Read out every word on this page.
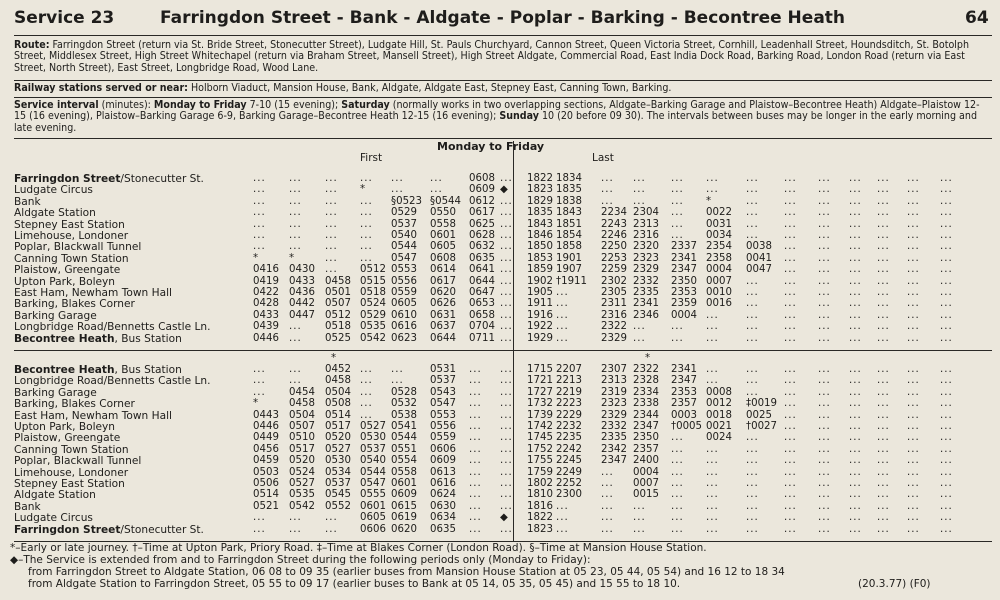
Service 23	Farringdon Street - Bank - Aldgate - Poplar - Barking - Becontree Heath	64
Route: Farringdon Street (return via St. Bride Street, Stonecutter Street), Ludgate Hill, St. Pauls Churchyard, Cannon Street, Queen Victoria Street, Cornhill, Leadenhall Street, Houndsditch, St. Botolph Street, Middlesex Street, High Street Whitechapel (return via Braham Street, Mansell Street), High Street Aldgate, Commercial Road, East India Dock Road, Barking Road, London Road (return via East Street, North Street), East Street, Longbridge Road, Wood Lane.
Railway stations served or near: Holborn Viaduct, Mansion House, Bank, Aldgate, Aldgate East, Stepney East, Canning Town, Barking.
Service interval (minutes): Monday to Friday 7-10 (15 evening); Saturday (normally works in two overlapping sections, Aldgate–Barking Garage and Plaistow–Becontree Heath) Aldgate–Plaistow 12-15 (16 evening), Plaistow–Barking Garage 6-9, Barking Garage–Becontree Heath 12-15 (16 evening); Sunday 10 (20 before 09 30). The intervals between buses may be longer in the early morning and late evening.
Monday to Friday
First	Last
Farringdon Street/Stonecutter St.	... ... ... ... ...	...	0608 ... 1822 1834 ... ... ... ...	... ... ... ... ... ... ...
Ludgate Circus	... ... ... *	...	...	0609 ◆ 1823 1835 ... ... ... ...	... ... ... ... ... ... ...
Bank	... ... ... ... §0523 §0544 0612 ... 1829 1838 ... ... ... *	... ... ... ... ... ... ...
Aldgate Station	... ... ... ... 0529 0550 0617 ... 1835 1843 2234 2304 ... 0022 ... ... ... ... ... ... ...
Stepney East Station	... ... ... ... 0537 0558 0625 ... 1843 1851 2243 2313 ... 0031 ... ... ... ... ... ... ...
Limehouse, Londoner	... ... ... ... 0540 0601 0628 ... 1846 1854 2246 2316 ... 0034 ... ... ... ... ... ... ...
Poplar, Blackwall Tunnel	... ... ... ... 0544 0605 0632 ... 1850 1858 2250 2320 2337 2354 0038 ... ... ... ... ... ...
Canning Town Station	*	*	... ... 0547 0608 0635 ... 1853 1901 2253 2323 2341 2358 0041 ... ... ... ... ... ...
Plaistow, Greengate	0416 0430 ... 0512 0553 0614 0641 ... 1859 1907 2259 2329 2347 0004 0047 ... ... ... ... ... ...
Upton Park, Boleyn	0419 0433 0458 0515 0556 0617 0644 ... 1902 †1911 2302 2332 2350 0007 ... ... ... ... ... ... ...
East Ham, Newham Town Hall	0422 0436 0501 0518 0559 0620 0647 ... 1905 ...	2305 2335 2353 0010 ... ... ... ... ... ... ...
Barking, Blakes Corner	0428 0442 0507 0524 0605 0626 0653 ... 1911 ...	2311 2341 2359 0016 ... ... ... ... ... ... ...
Barking Garage	0433 0447 0512 0529 0610 0631 0658 ... 1916 ...	2316 2346 0004 ...	... ... ... ... ... ... ...
Longbridge Road/Bennetts Castle Ln.	0439 ... 0518 0535 0616 0637 0704 ... 1922 ...	2322 ... ... ...	... ... ... ... ... ... ...
Becontree Heath, Bus Station	0446 ... 0525 0542 0623 0644 0711 ... 1929 ...	2329 ... ... ...	... ... ... ... ... ... ...
Becontree Heath, Bus Station	... ... 0452 ... ...	0531 ... ... 1715 2207 2307 2322 2341 ...	... ... ... ... ... ... ...
Longbridge Road/Bennetts Castle Ln.	... ... 0458 ... ...	0537 ... ... 1721 2213 2313 2328 2347 ...	... ... ... ... ... ... ...
Barking Garage	... 0454 0504 ... 0528 0543 ... ... 1727 2219 2319 2334 2353 0008 ... ... ... ... ... ... ...
Barking, Blakes Corner	*	0458 0508 ... 0532 0547 ... ... 1732 2223 2323 2338 2357 0012 ‡0019 ... ... ... ... ... ...
East Ham, Newham Town Hall	0443 0504 0514 ... 0538 0553 ... ... 1739 2229 2329 2344 0003 0018 0025 ... ... ... ... ... ...
Upton Park, Boleyn	0446 0507 0517 0527 0541 0556 ... ... 1742 2232 2332 2347 †0005 0021 †0027 ... ... ... ... ... ...
Plaistow, Greengate	0449 0510 0520 0530 0544 0559 ... ... 1745 2235 2335 2350 ... 0024 ... ... ... ... ... ... ...
Canning Town Station	0456 0517 0527 0537 0551 0606 ... ... 1752 2242 2342 2357 ... ...	... ... ... ... ... ... ...
Poplar, Blackwall Tunnel	0459 0520 0530 0540 0554 0609 ... ... 1755 2245 2347 2400 ... ...	... ... ... ... ... ... ...
Limehouse, Londoner	0503 0524 0534 0544 0558 0613 ... ... 1759 2249 ... 0004 ... ...	... ... ... ... ... ... ...
Stepney East Station	0506 0527 0537 0547 0601 0616 ... ... 1802 2252 ... 0007 ... ...	... ... ... ... ... ... ...
Aldgate Station	0514 0535 0545 0555 0609 0624 ... ... 1810 2300 ... 0015 ... ...	... ... ... ... ... ... ...
Bank	0521 0542 0552 0601 0615 0630 ... ... 1816 ...	... ... ... ...	... ... ... ... ... ... ...
Ludgate Circus	... ... ... 0605 0619 0634 ... ◆ 1822 ...	... ... ... ...	... ... ... ... ... ... ...
Farringdon Street/Stonecutter St.	... ... ... 0606 0620 0635 ... ... 1823 ...	... ... ... ...	... ... ... ... ... ... ...
*	*
*–Early or late journey. †–Time at Upton Park, Priory Road. ‡–Time at Blakes Corner (London Road). §–Time at Mansion House Station.
◆–The Service is extended from and to Farringdon Street during the following periods only (Monday to Friday):
from Farringdon Street to Aldgate Station, 06 08 to 09 35 (earlier buses from Mansion House Station at 05 23, 05 44, 05 54) and 16 12 to 18 34
from Aldgate Station to Farringdon Street, 05 55 to 09 17 (earlier buses to Bank at 05 14, 05 35, 05 45) and 15 55 to 18 10.	(20.3.77) (F0)
